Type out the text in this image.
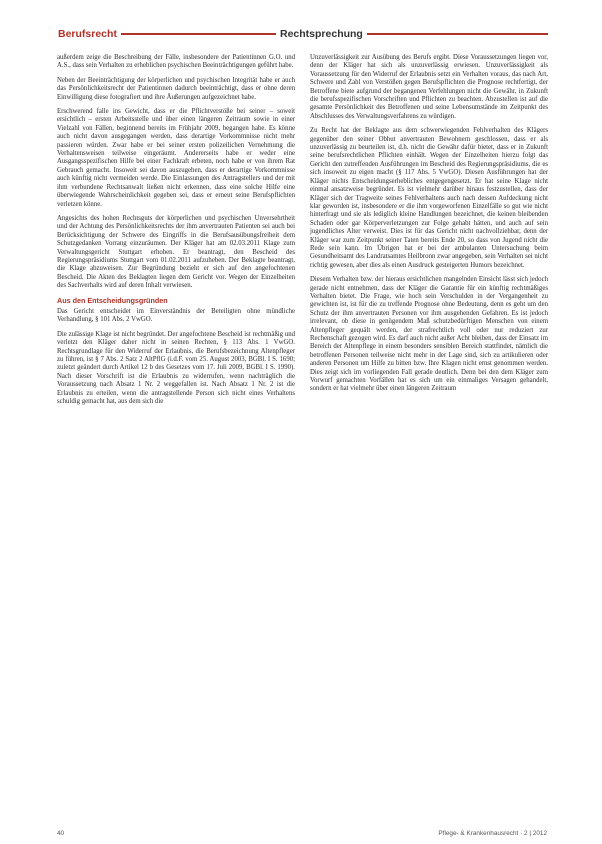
Berufsrecht	Rechtsprechung

außerdem zeige die Beschreibung der Fälle, insbesondere der Patientinnen G.O. und A.S., dass sein Verhalten zu erheblichen psychischen Beeinträchtigungen geführt habe.

Neben der Beeinträchtigung der körperlichen und psychischen Integrität habe er auch das Persönlichkeitsrecht der Patientinnen dadurch beeinträchtigt, dass er ohne deren Einwilligung diese fotografiert und ihre Äußerungen aufgezeichnet habe.

Erschwerend falle ins Gewicht, dass er die Pflichtverstöße bei seiner – soweit ersichtlich – ersten Arbeitsstelle und über einen längeren Zeitraum sowie in einer Vielzahl von Fällen, beginnend bereits im Frühjahr 2009, begangen habe. Es könne auch nicht davon ausgegangen werden, dass derartige Vorkommnisse nicht mehr passieren würden. Zwar habe er bei seiner ersten polizeilichen Vernehmung die Verhaltensweisen teilweise eingeräumt. Andererseits habe er weder eine Ausgangsspezifischen Hilfe bei einer Fachkraft erbeten, noch habe er von ihrem Rat Gebrauch gemacht. Insoweit sei davon auszugehen, dass er derartige Vorkommnisse auch künftig nicht vermeiden werde. Die Einlassungen des Antragstellers und der mit ihm verbundene Rechtsanwalt ließen nicht erkennen, dass eine solche Hilfe eine überwiegende Wahrscheinlichkeit gegeben sei, dass er erneut seine Berufspflichten verletzen könne.

Angesichts des hohen Rechtsguts der körperlichen und psychischen Unversehrtheit und der Achtung des Persönlichkeitsrechts der ihm anvertrauten Patienten sei auch bei Berücksichtigung der Schwere des Eingriffs in die Berufsausübungsfreiheit dem Schutzgedanken Vorrang einzuräumen. Der Kläger hat am 02.03.2011 Klage zum Verwaltungsgericht Stuttgart erhoben. Er beantragt, den Bescheid des Regierungspräsidiums Stuttgart vom 01.02.2011 aufzuheben. Der Beklagte beantragt, die Klage abzuweisen. Zur Begründung bezieht er sich auf den angefochtenen Bescheid. Die Akten des Beklagten liegen dem Gericht vor. Wegen der Einzelheiten des Sachverhalts wird auf deren Inhalt verwiesen.

Aus den Entscheidungsgründen

Das Gericht entscheidet im Einverständnis der Beteiligten ohne mündliche Verhandlung, § 101 Abs. 2 VwGO.

Die zulässige Klage ist nicht begründet. Der angefochtene Bescheid ist rechtmäßig und verletzt den Kläger daher nicht in seinen Rechten, § 113 Abs. 1 VwGO. Rechtsgrundlage für den Widerruf der Erlaubnis, die Berufsbezeichnung Altenpfleger zu führen, ist § 7 Abs. 2 Satz 2 AltPflG (i.d.F. vom 25. August 2003, BGBl. I S. 1690; zuletzt geändert durch Artikel 12 b des Gesetzes vom 17. Juli 2009, BGBl. I S. 1990). Nach dieser Vorschrift ist die Erlaubnis zu widerrufen, wenn nachträglich die Voraussetzung nach Absatz 1 Nr. 2 weggefallen ist. Nach Absatz 1 Nr. 2 ist die Erlaubnis zu erteilen, wenn die antragstellende Person sich nicht eines Verhaltens schuldig gemacht hat, aus dem sich die

Unzuverlässigkeit zur Ausübung des Berufs ergibt. Diese Voraussetzungen liegen vor, denn der Kläger hat sich als unzuverlässig erwiesen. Unzuverlässigkeit als Voraussetzung für den Widerruf der Erlaubnis setzt ein Verhalten voraus, das nach Art, Schwere und Zahl von Verstößen gegen Berufspflichten die Prognose rechtfertigt, der Betroffene biete aufgrund der begangenen Verfehlungen nicht die Gewähr, in Zukunft die berufsspezifischen Vorschriften und Pflichten zu beachten. Abzustellen ist auf die gesamte Persönlichkeit des Betroffenen und seine Lebensumstände im Zeitpunkt des Abschlusses des Verwaltungsverfahrens zu würdigen.

Zu Recht hat der Beklagte aus dem schwerwiegenden Fehlverhalten des Klägers gegenüber den seiner Obhut anvertrauten Bewohnern geschlossen, dass er als unzuverlässig zu beurteilen ist, d.h. nicht die Gewähr dafür bietet, dass er in Zukunft seine berufsrechtlichen Pflichten einhält. Wegen der Einzelheiten hierzu folgt das Gericht den zutreffenden Ausführungen im Bescheid des Regierungspräsidiums, die es sich insoweit zu eigen macht (§ 117 Abs. 5 VwGO). Diesen Ausführungen hat der Kläger nichts Entscheidungserhebliches entgegengesetzt. Er hat seine Klage nicht einmal ansatzweise begründet. Es ist vielmehr darüber hinaus festzustellen, dass der Kläger sich der Tragweite seines Fehlverhaltens auch nach dessen Aufdeckung nicht klar geworden ist, insbesondere er die ihm vorgeworfenen Einzelfälle so gut wie nicht hinterfragt und sie als lediglich kleine Handlungen bezeichnet, die keinen bleibenden Schaden oder gar Körperverletzungen zur Folge gehabt hätten, und auch auf sein jugendliches Alter verweist. Dies ist für das Gericht nicht nachvollziehbar, denn der Kläger war zum Zeitpunkt seiner Taten bereits Ende 20, so dass von Jugend nicht die Rede sein kann. Im Übrigen hat er bei der ambulanten Untersuchung beim Gesundheitsamt des Landratsamtes Heilbronn zwar angegeben, sein Verhalten sei nicht richtig gewesen, aber dies als einen Ausdruck gesteigerten Humors bezeichnet.

Diesem Verhalten bzw. der hieraus ersichtlichen mangelnden Einsicht lässt sich jedoch gerade nicht entnehmen, dass der Kläger die Garantie für ein künftig rechtmäßiges Verhalten bietet. Die Frage, wie hoch sein Verschulden in der Vergangenheit zu gewichten ist, ist für die zu treffende Prognose ohne Bedeutung, denn es geht um den Schutz der ihm anvertrauten Personen vor ihm ausgehenden Gefahren. Es ist jedoch irrelevant, ob diese in genügendem Maß schutzbedürftigen Menschen von einem Altenpfleger gequält werden, der strafrechtlich voll oder nur reduziert zur Rechenschaft gezogen wird. Es darf auch nicht außer Acht bleiben, dass der Einsatz im Bereich der Altenpflege in einem besonders sensiblen Bereich stattfindet, nämlich die betroffenen Personen teilweise nicht mehr in der Lage sind, sich zu artikulieren oder anderen Personen um Hilfe zu bitten bzw. Ihre Klagen nicht ernst genommen werden. Dies zeigt sich im vorliegenden Fall gerade deutlich. Denn bei den dem Kläger zum Vorwurf gemachten Vorfällen hat es sich um ein einmaliges Versagen gehandelt, sondern er hat vielmehr über einen längeren Zeitraum

40	Pflege- & Krankenhausrecht · 2 | 2012
